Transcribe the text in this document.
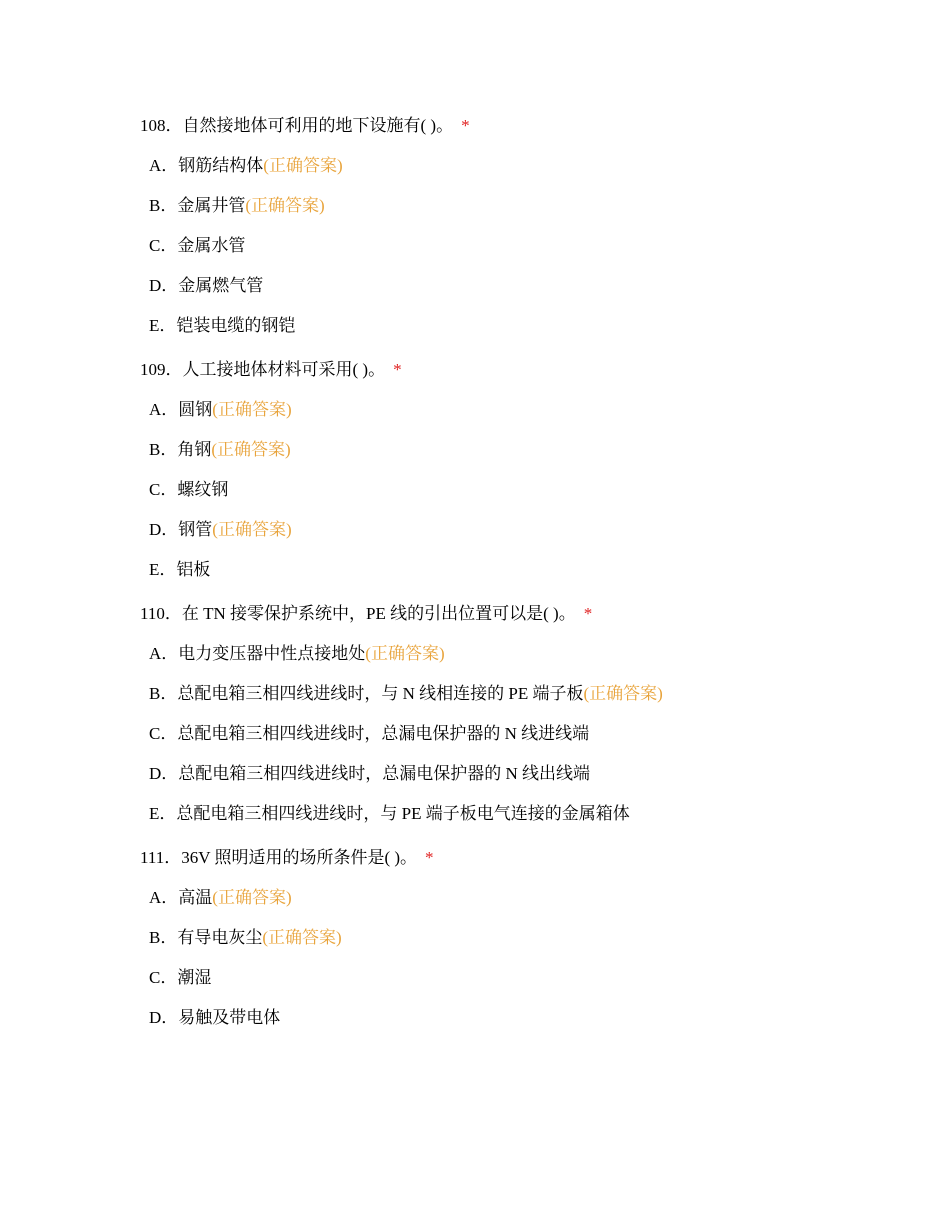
108．自然接地体可利用的地下设施有( )。 *
A．钢筋结构体(正确答案)
B．金属井管(正确答案)
C．金属水管
D．金属燃气管
E．铠装电缆的钢铠
109．人工接地体材料可采用( )。 *
A．圆钢(正确答案)
B．角钢(正确答案)
C．螺纹钢
D．钢管(正确答案)
E．铝板
110．在 TN 接零保护系统中，PE 线的引出位置可以是( )。 *
A．电力变压器中性点接地处(正确答案)
B．总配电箱三相四线进线时，与 N 线相连接的 PE 端子板(正确答案)
C．总配电箱三相四线进线时，总漏电保护器的 N 线进线端
D．总配电箱三相四线进线时，总漏电保护器的 N 线出线端
E．总配电箱三相四线进线时，与 PE 端子板电气连接的金属箱体
111．36V 照明适用的场所条件是( )。 *
A．高温(正确答案)
B．有导电灰尘(正确答案)
C．潮湿
D．易触及带电体
